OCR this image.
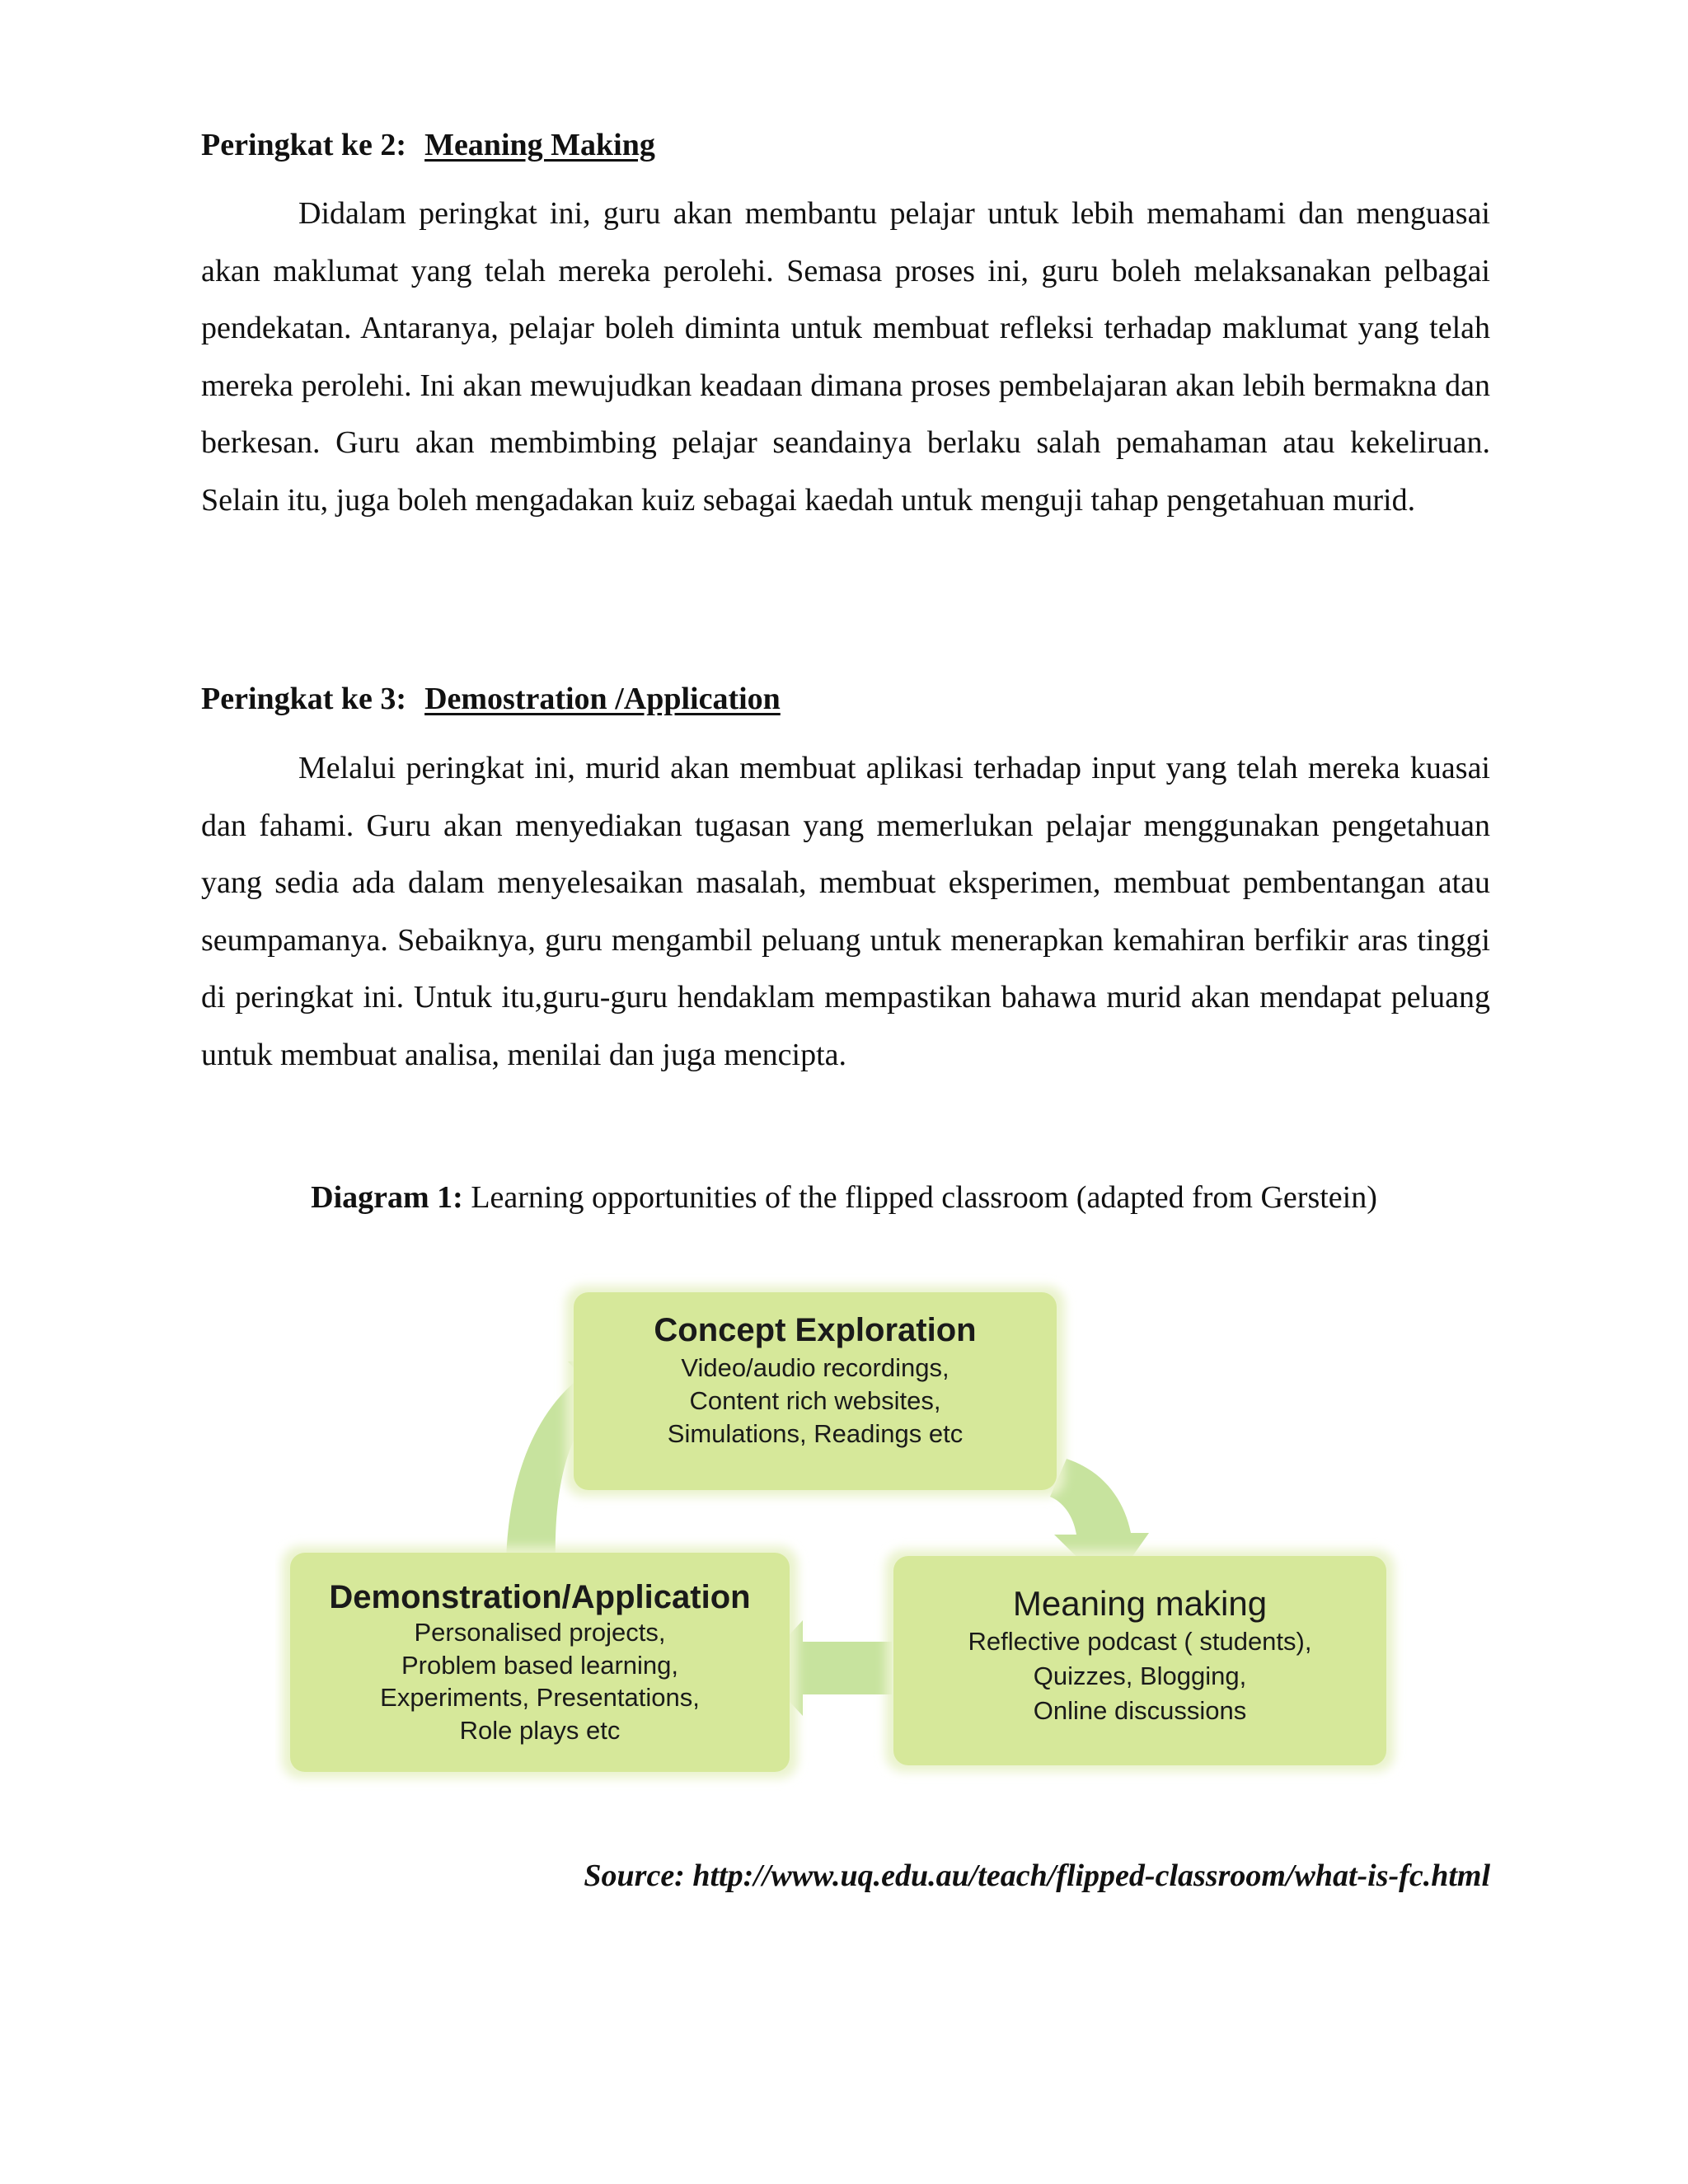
Peringkat ke 2: Meaning Making

Didalam peringkat ini, guru akan membantu pelajar untuk lebih memahami dan menguasai akan maklumat yang telah mereka perolehi. Semasa proses ini, guru boleh melaksanakan pelbagai pendekatan. Antaranya, pelajar boleh diminta untuk membuat refleksi terhadap maklumat yang telah mereka perolehi. Ini akan mewujudkan keadaan dimana proses pembelajaran akan lebih bermakna dan berkesan. Guru akan membimbing pelajar seandainya berlaku salah pemahaman atau kekeliruan. Selain itu, juga boleh mengadakan kuiz sebagai kaedah untuk menguji tahap pengetahuan murid.

Peringkat ke 3: Demostration /Application

Melalui peringkat ini, murid akan membuat aplikasi terhadap input yang telah mereka kuasai dan fahami. Guru akan menyediakan tugasan yang memerlukan pelajar menggunakan pengetahuan yang sedia ada dalam menyelesaikan masalah, membuat eksperimen, membuat pembentangan atau seumpamanya. Sebaiknya, guru mengambil peluang untuk menerapkan kemahiran berfikir aras tinggi di peringkat ini. Untuk itu,guru-guru hendaklam mempastikan bahawa murid akan mendapat peluang untuk membuat analisa, menilai dan juga mencipta.

Diagram 1: Learning opportunities of the flipped classroom (adapted from Gerstein)
Concept Exploration
Video/audio recordings,
Content rich websites,
Simulations, Readings etc
Meaning making
Reflective podcast ( students),
Quizzes, Blogging,
Online discussions
Demonstration/Application
Personalised projects,
Problem based learning,
Experiments, Presentations,
Role plays etc
Source: http://www.uq.edu.au/teach/flipped-classroom/what-is-fc.html
